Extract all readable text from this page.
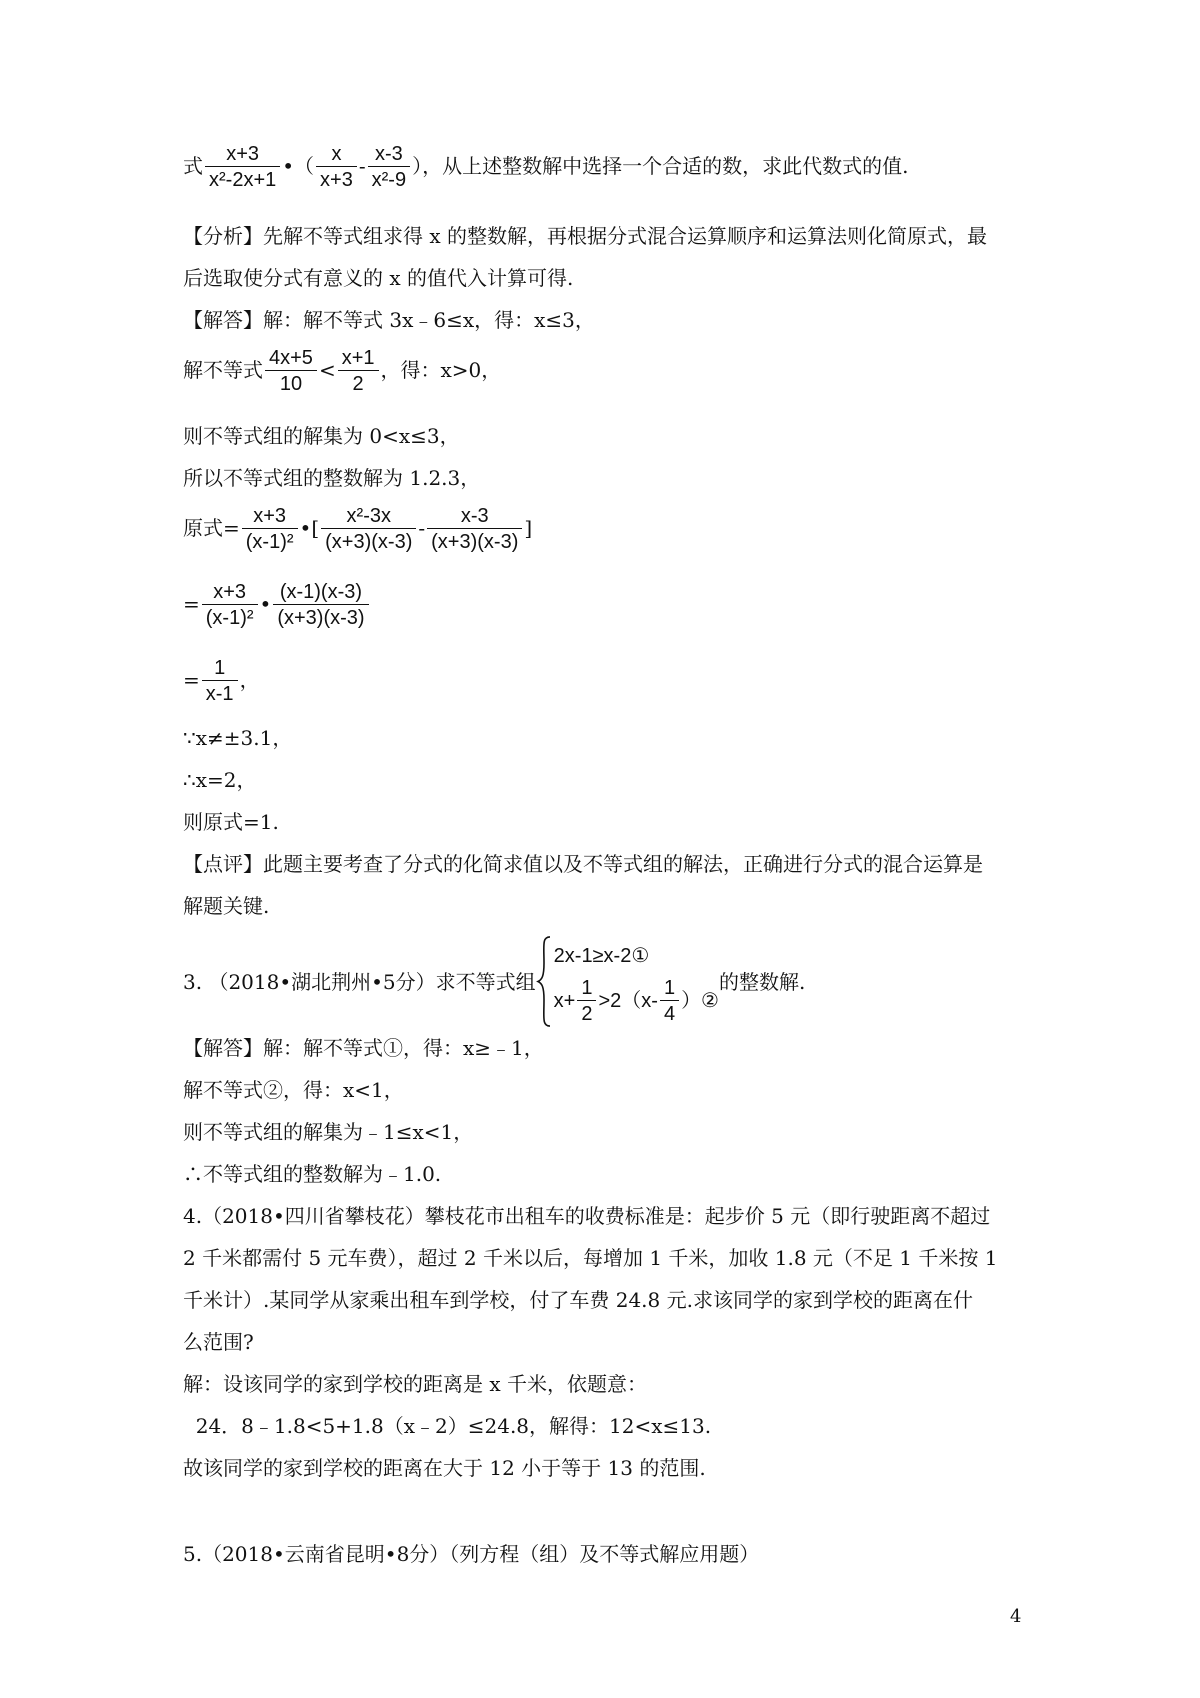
式 $\frac{x+3}{\text{x²-2x+1}}$ •（ $\frac{x}{x+3} - \frac{x-3}{\text{x²-9}}$ ），从上述整数解中选择一个合适的数，求此代数式的值.
【分析】先解不等式组求得 x 的整数解，再根据分式混合运算顺序和运算法则化简原式，最
后选取使分式有意义的 x 的值代入计算可得.
【解答】解：解不等式 3x﹣6≤x，得：x≤3，
解不等式 $\frac{4x+5}{10} < \frac{x+1}{2}$ ，得：x>0，
则不等式组的解集为 0<x≤3，
所以不等式组的整数解为 1.2.3，
原式= $\frac{x+3}{\text{(x-1)²}}$ •[ $\frac{\text{x²-3x}}{(x+3)(x-3)} - \frac{x-3}{(x+3)(x-3)}$ ]
= $\frac{x+3}{\text{(x-1)²}}$ • $\frac{(x-1)(x-3)}{(x+3)(x-3)}$
= $\frac{1}{x-1}$ ，
∵x≠±3.1，
∴x=2，
则原式=1.
【点评】此题主要考查了分式的化简求值以及不等式组的解法，正确进行分式的混合运算是
解题关键.
3. （2018•湖北荆州•5分）求不等式组
2x-1≥x-2①
$x+ \frac{1}{2} >2(x- \frac{1}{4}$ ）②
的整数解.
【解答】解：解不等式①，得：x≥﹣1，
解不等式②，得：x<1，
则不等式组的解集为﹣1≤x<1，
∴不等式组的整数解为﹣1.0.
4.（2018•四川省攀枝花）攀枝花市出租车的收费标准是：起步价 5 元（即行驶距离不超过
2 千米都需付 5 元车费），超过 2 千米以后，每增加 1 千米，加收 1.8 元（不足 1 千米按 1
千米计）.某同学从家乘出租车到学校，付了车费 24.8 元.求该同学的家到学校的距离在什
么范围?
解：设该同学的家到学校的距离是 x 千米，依题意：
24．8﹣1.8<5+1.8（x﹣2）≤24.8，解得：12<x≤13.
故该同学的家到学校的距离在大于 12 小于等于 13 的范围.
5.（2018•云南省昆明•8分）（列方程（组）及不等式解应用题）
4
